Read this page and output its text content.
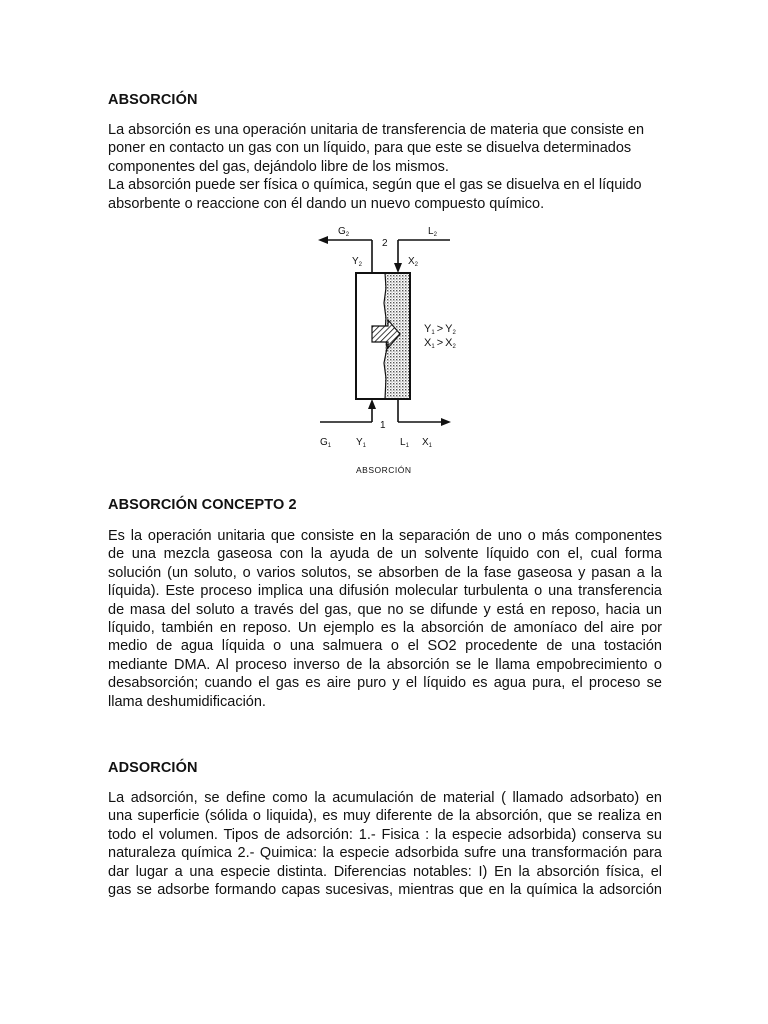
ABSORCIÓN
La absorción es una operación unitaria de transferencia de materia que consiste en
poner en contacto un gas con un líquido, para que este se disuelva determinados
componentes del gas, dejándolo libre de los mismos.
La absorción puede ser física o química, según que el gas se disuelva en el líquido
absorbente o reaccione con él dando un nuevo compuesto químico.
$G_2$	$L_2$
2
$Y_2$	$X_2$
Y1 > Y2
X1 > X2
1
$G_1$ $Y_1$	$L_1$ $X_1$
ABSORCIÓN
ABSORCIÓN CONCEPTO 2
Es la operación unitaria que consiste en la separación de uno o más componentes
de una mezcla gaseosa con la ayuda de un solvente líquido con el, cual forma
solución (un soluto, o varios solutos, se absorben de la fase gaseosa y pasan a la
líquida). Este proceso implica una difusión molecular turbulenta o una transferencia
de masa del soluto a través del gas, que no se difunde y está en reposo, hacia un
líquido, también en reposo. Un ejemplo es la absorción de amoníaco del aire por
medio de agua líquida o una salmuera o el SO2 procedente de una tostación
mediante DMA. Al proceso inverso de la absorción se le llama empobrecimiento o
desabsorción; cuando el gas es aire puro y el líquido es agua pura, el proceso se
llama deshumidificación.
ADSORCIÓN
La adsorción, se define como la acumulación de material ( llamado adsorbato) en
una superficie (sólida o liquida), es muy diferente de la absorción, que se realiza en
todo el volumen. Tipos de adsorción: 1.- Fisica : la especie adsorbida) conserva su
naturaleza química 2.- Quimica: la especie adsorbida sufre una transformación para
dar lugar a una especie distinta. Diferencias notables: I) En la absorción física, el
gas se adsorbe formando capas sucesivas, mientras que en la química la adsorción
